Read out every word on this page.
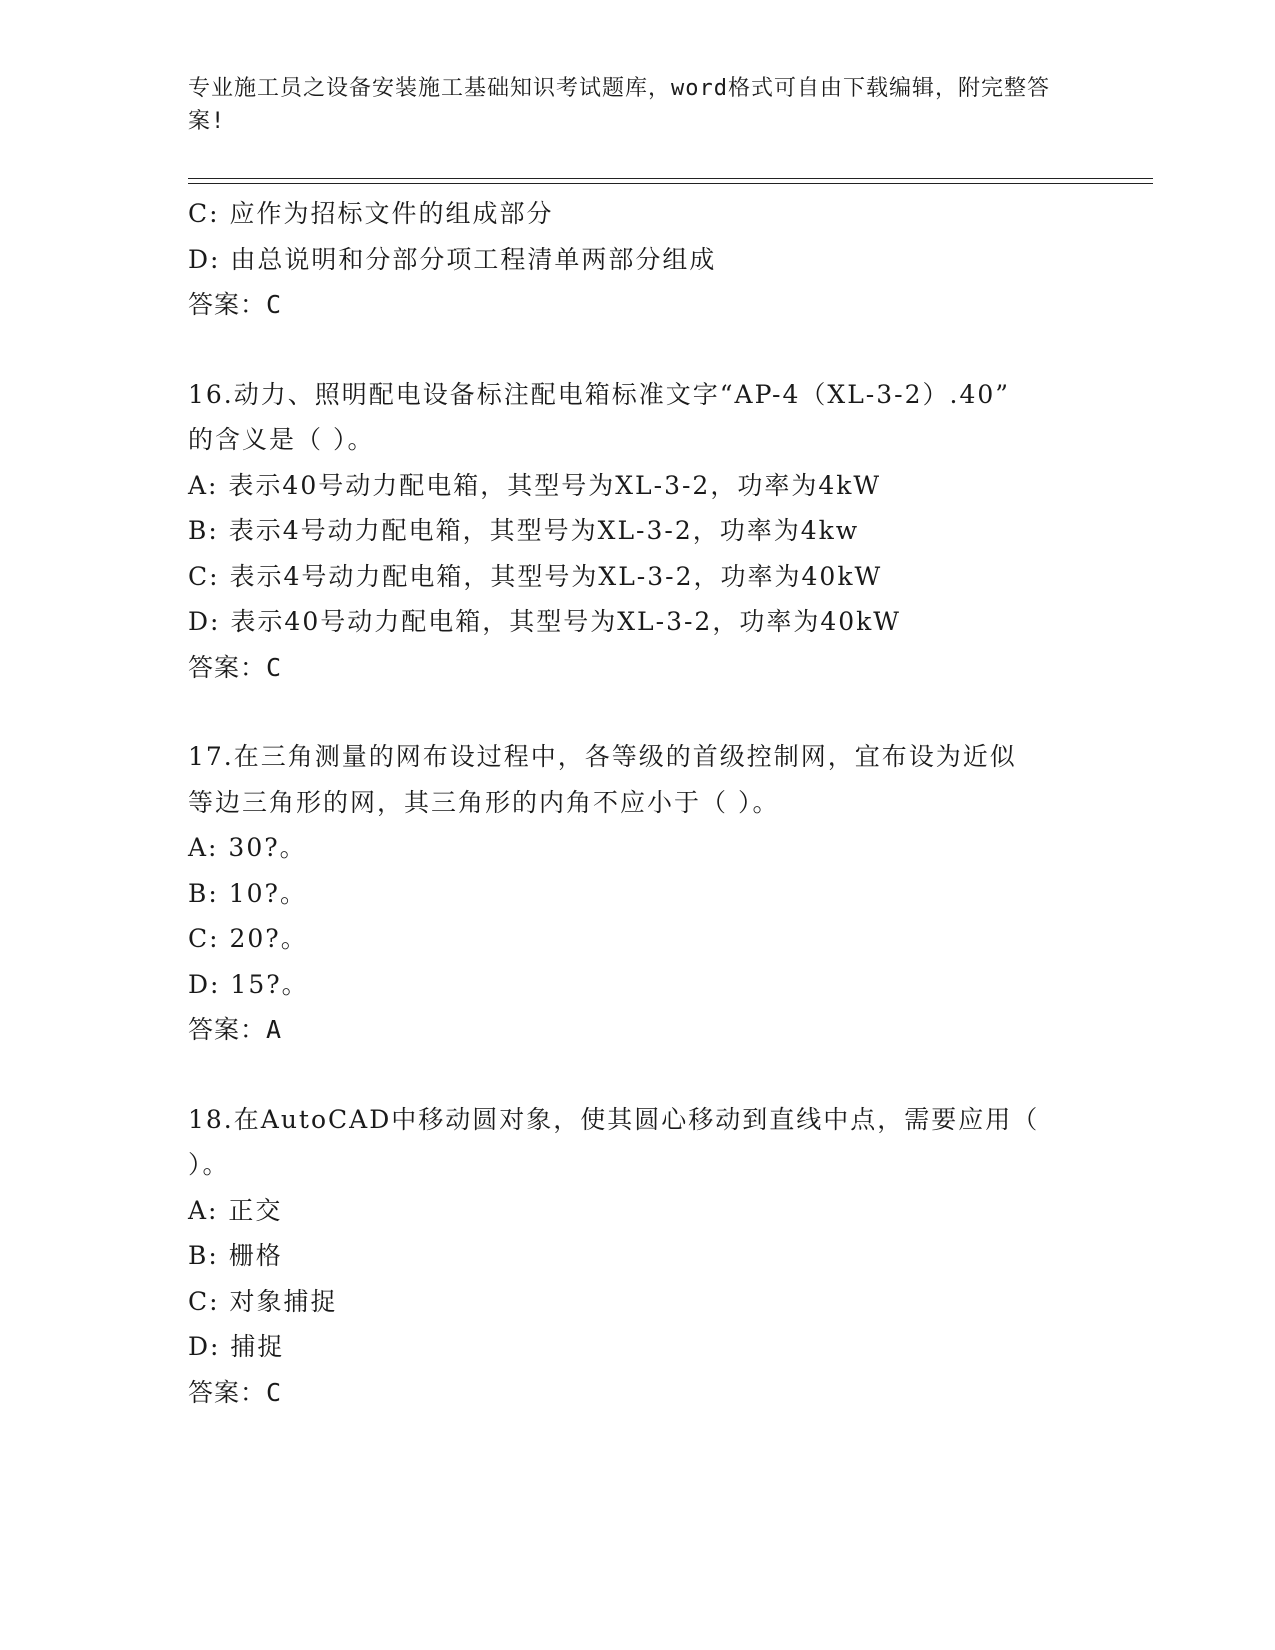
专业施工员之设备安装施工基础知识考试题库，word格式可自由下载编辑，附完整答案!
C: 应作为招标文件的组成部分
D: 由总说明和分部分项工程清单两部分组成
答案：C
16.动力、照明配电设备标注配电箱标准文字“AP-4（XL-3-2）.40”
的含义是（ ）。
A: 表示40号动力配电箱，其型号为XL-3-2，功率为4kW
B: 表示4号动力配电箱，其型号为XL-3-2，功率为4kw
C: 表示4号动力配电箱，其型号为XL-3-2，功率为40kW
D: 表示40号动力配电箱，其型号为XL-3-2，功率为40kW
答案：C
17.在三角测量的网布设过程中，各等级的首级控制网，宜布设为近似
等边三角形的网，其三角形的内角不应小于（ ）。
A: 30?。
B: 10?。
C: 20?。
D: 15?。
答案：A
18.在AutoCAD中移动圆对象，使其圆心移动到直线中点，需要应用（
）。
A: 正交
B: 栅格
C: 对象捕捉
D: 捕捉
答案：C
